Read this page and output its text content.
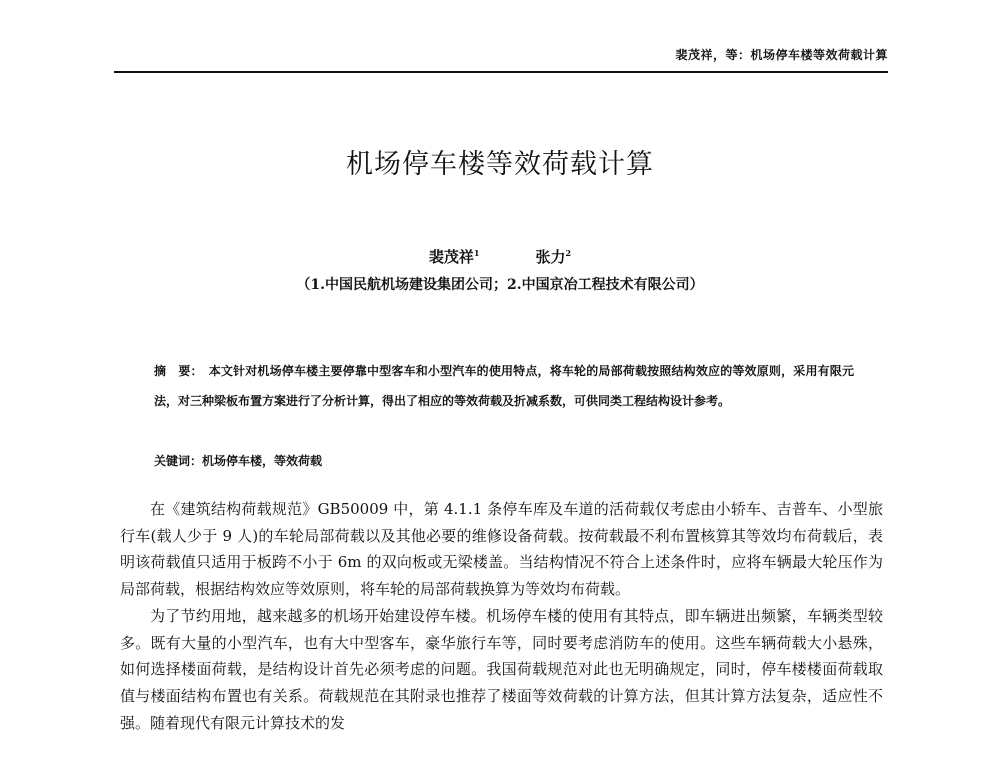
裴茂祥，等：机场停车楼等效荷载计算
机场停车楼等效荷载计算
裴茂祥$^1$	张力$^2$
（1.中国民航机场建设集团公司；2.中国京冶工程技术有限公司）
摘　要： 本文针对机场停车楼主要停靠中型客车和小型汽车的使用特点，将车轮的局部荷载按照结构效应的等效原则，采用有限元法，对三种梁板布置方案进行了分析计算，得出了相应的等效荷载及折减系数，可供同类工程结构设计参考。
关键词：机场停车楼，等效荷载

在《建筑结构荷载规范》GB50009 中，第 4.1.1 条停车库及车道的活荷载仅考虑由小轿车、吉普车、小型旅行车(载人少于 9 人)的车轮局部荷载以及其他必要的维修设备荷载。按荷载最不利布置核算其等效均布荷载后，表明该荷载值只适用于板跨不小于 6m 的双向板或无梁楼盖。当结构情况不符合上述条件时，应将车辆最大轮压作为局部荷载，根据结构效应等效原则，将车轮的局部荷载换算为等效均布荷载。

为了节约用地，越来越多的机场开始建设停车楼。机场停车楼的使用有其特点，即车辆进出频繁，车辆类型较多。既有大量的小型汽车，也有大中型客车，豪华旅行车等，同时要考虑消防车的使用。这些车辆荷载大小悬殊，如何选择楼面荷载，是结构设计首先必须考虑的问题。我国荷载规范对此也无明确规定，同时，停车楼楼面荷载取值与楼面结构布置也有关系。荷载规范在其附录也推荐了楼面等效荷载的计算方法，但其计算方法复杂，适应性不强。随着现代有限元计算技术的发
